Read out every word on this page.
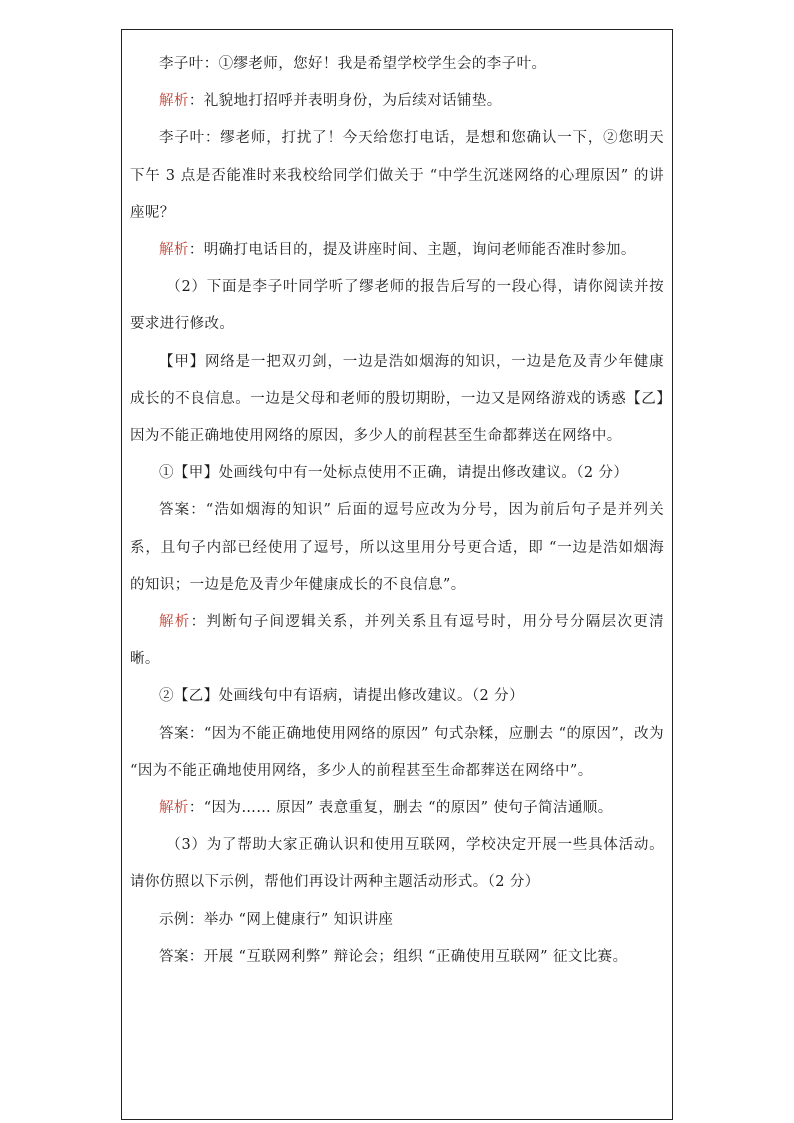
李子叶：①缪老师，您好！我是希望学校学生会的李子叶。

解析：礼貌地打招呼并表明身份，为后续对话铺垫。

李子叶：缪老师，打扰了！今天给您打电话，是想和您确认一下，②您明天下午 3 点是否能准时来我校给同学们做关于 “中学生沉迷网络的心理原因” 的讲座呢？

解析：明确打电话目的，提及讲座时间、主题，询问老师能否准时参加。

（2）下面是李子叶同学听了缪老师的报告后写的一段心得，请你阅读并按要求进行修改。

【甲】网络是一把双刃剑，一边是浩如烟海的知识，一边是危及青少年健康成长的不良信息。一边是父母和老师的殷切期盼，一边又是网络游戏的诱惑【乙】因为不能正确地使用网络的原因，多少人的前程甚至生命都葬送在网络中。

①【甲】处画线句中有一处标点使用不正确，请提出修改建议。（2 分）

答案：“浩如烟海的知识” 后面的逗号应改为分号，因为前后句子是并列关系，且句子内部已经使用了逗号，所以这里用分号更合适，即 “一边是浩如烟海的知识；一边是危及青少年健康成长的不良信息”。

解析：判断句子间逻辑关系，并列关系且有逗号时，用分号分隔层次更清晰。

②【乙】处画线句中有语病，请提出修改建议。（2 分）

答案：“因为不能正确地使用网络的原因” 句式杂糅，应删去 “的原因”，改为 “因为不能正确地使用网络，多少人的前程甚至生命都葬送在网络中”。

解析：“因为…… 原因” 表意重复，删去 “的原因” 使句子简洁通顺。

（3）为了帮助大家正确认识和使用互联网，学校决定开展一些具体活动。请你仿照以下示例，帮他们再设计两种主题活动形式。（2 分）

示例：举办 “网上健康行” 知识讲座

答案：开展 “互联网利弊” 辩论会；组织 “正确使用互联网” 征文比赛。
